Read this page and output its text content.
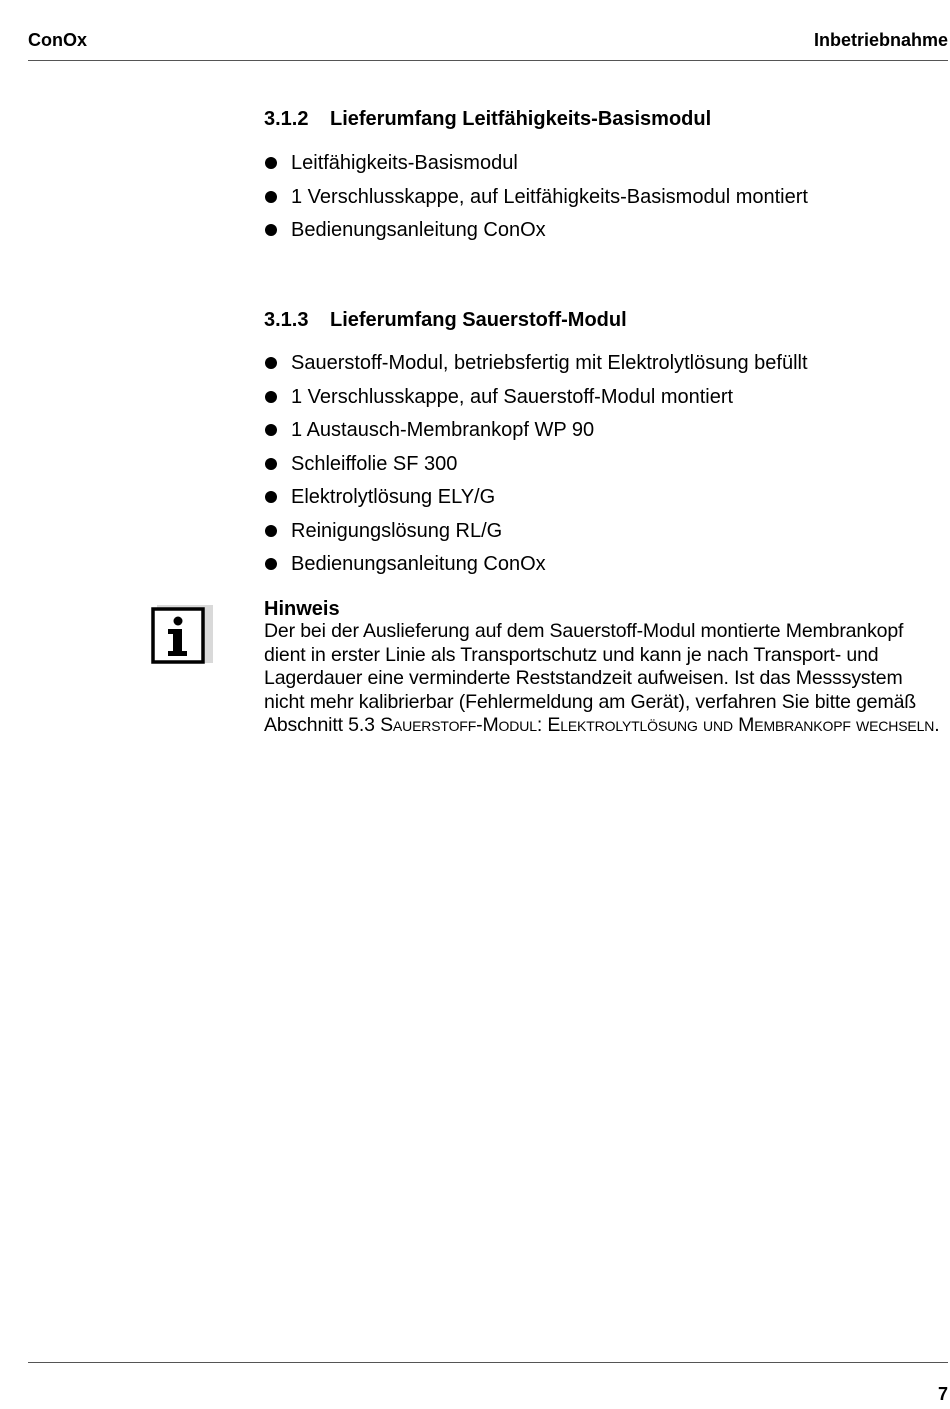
ConOx	Inbetriebnahme
3.1.2 Lieferumfang Leitfähigkeits-Basismodul
Leitfähigkeits-Basismodul
1 Verschlusskappe, auf Leitfähigkeits-Basismodul montiert
Bedienungsanleitung ConOx
3.1.3 Lieferumfang Sauerstoff-Modul
Sauerstoff-Modul, betriebsfertig mit Elektrolytlösung befüllt
1 Verschlusskappe, auf Sauerstoff-Modul montiert
1 Austausch-Membrankopf WP 90
Schleiffolie SF 300
Elektrolytlösung ELY/G
Reinigungslösung RL/G
Bedienungsanleitung ConOx
Hinweis
Der bei der Auslieferung auf dem Sauerstoff-Modul montierte Membrankopf dient in erster Linie als Transportschutz und kann je nach Transport- und Lagerdauer eine verminderte Reststandzeit aufweisen. Ist das Messsystem nicht mehr kalibrierbar (Fehlermeldung am Gerät), verfahren Sie bitte gemäß Abschnitt 5.3 Sauerstoff-Modul: Elektrolytlösung und Membrankopf wechseln.
7
